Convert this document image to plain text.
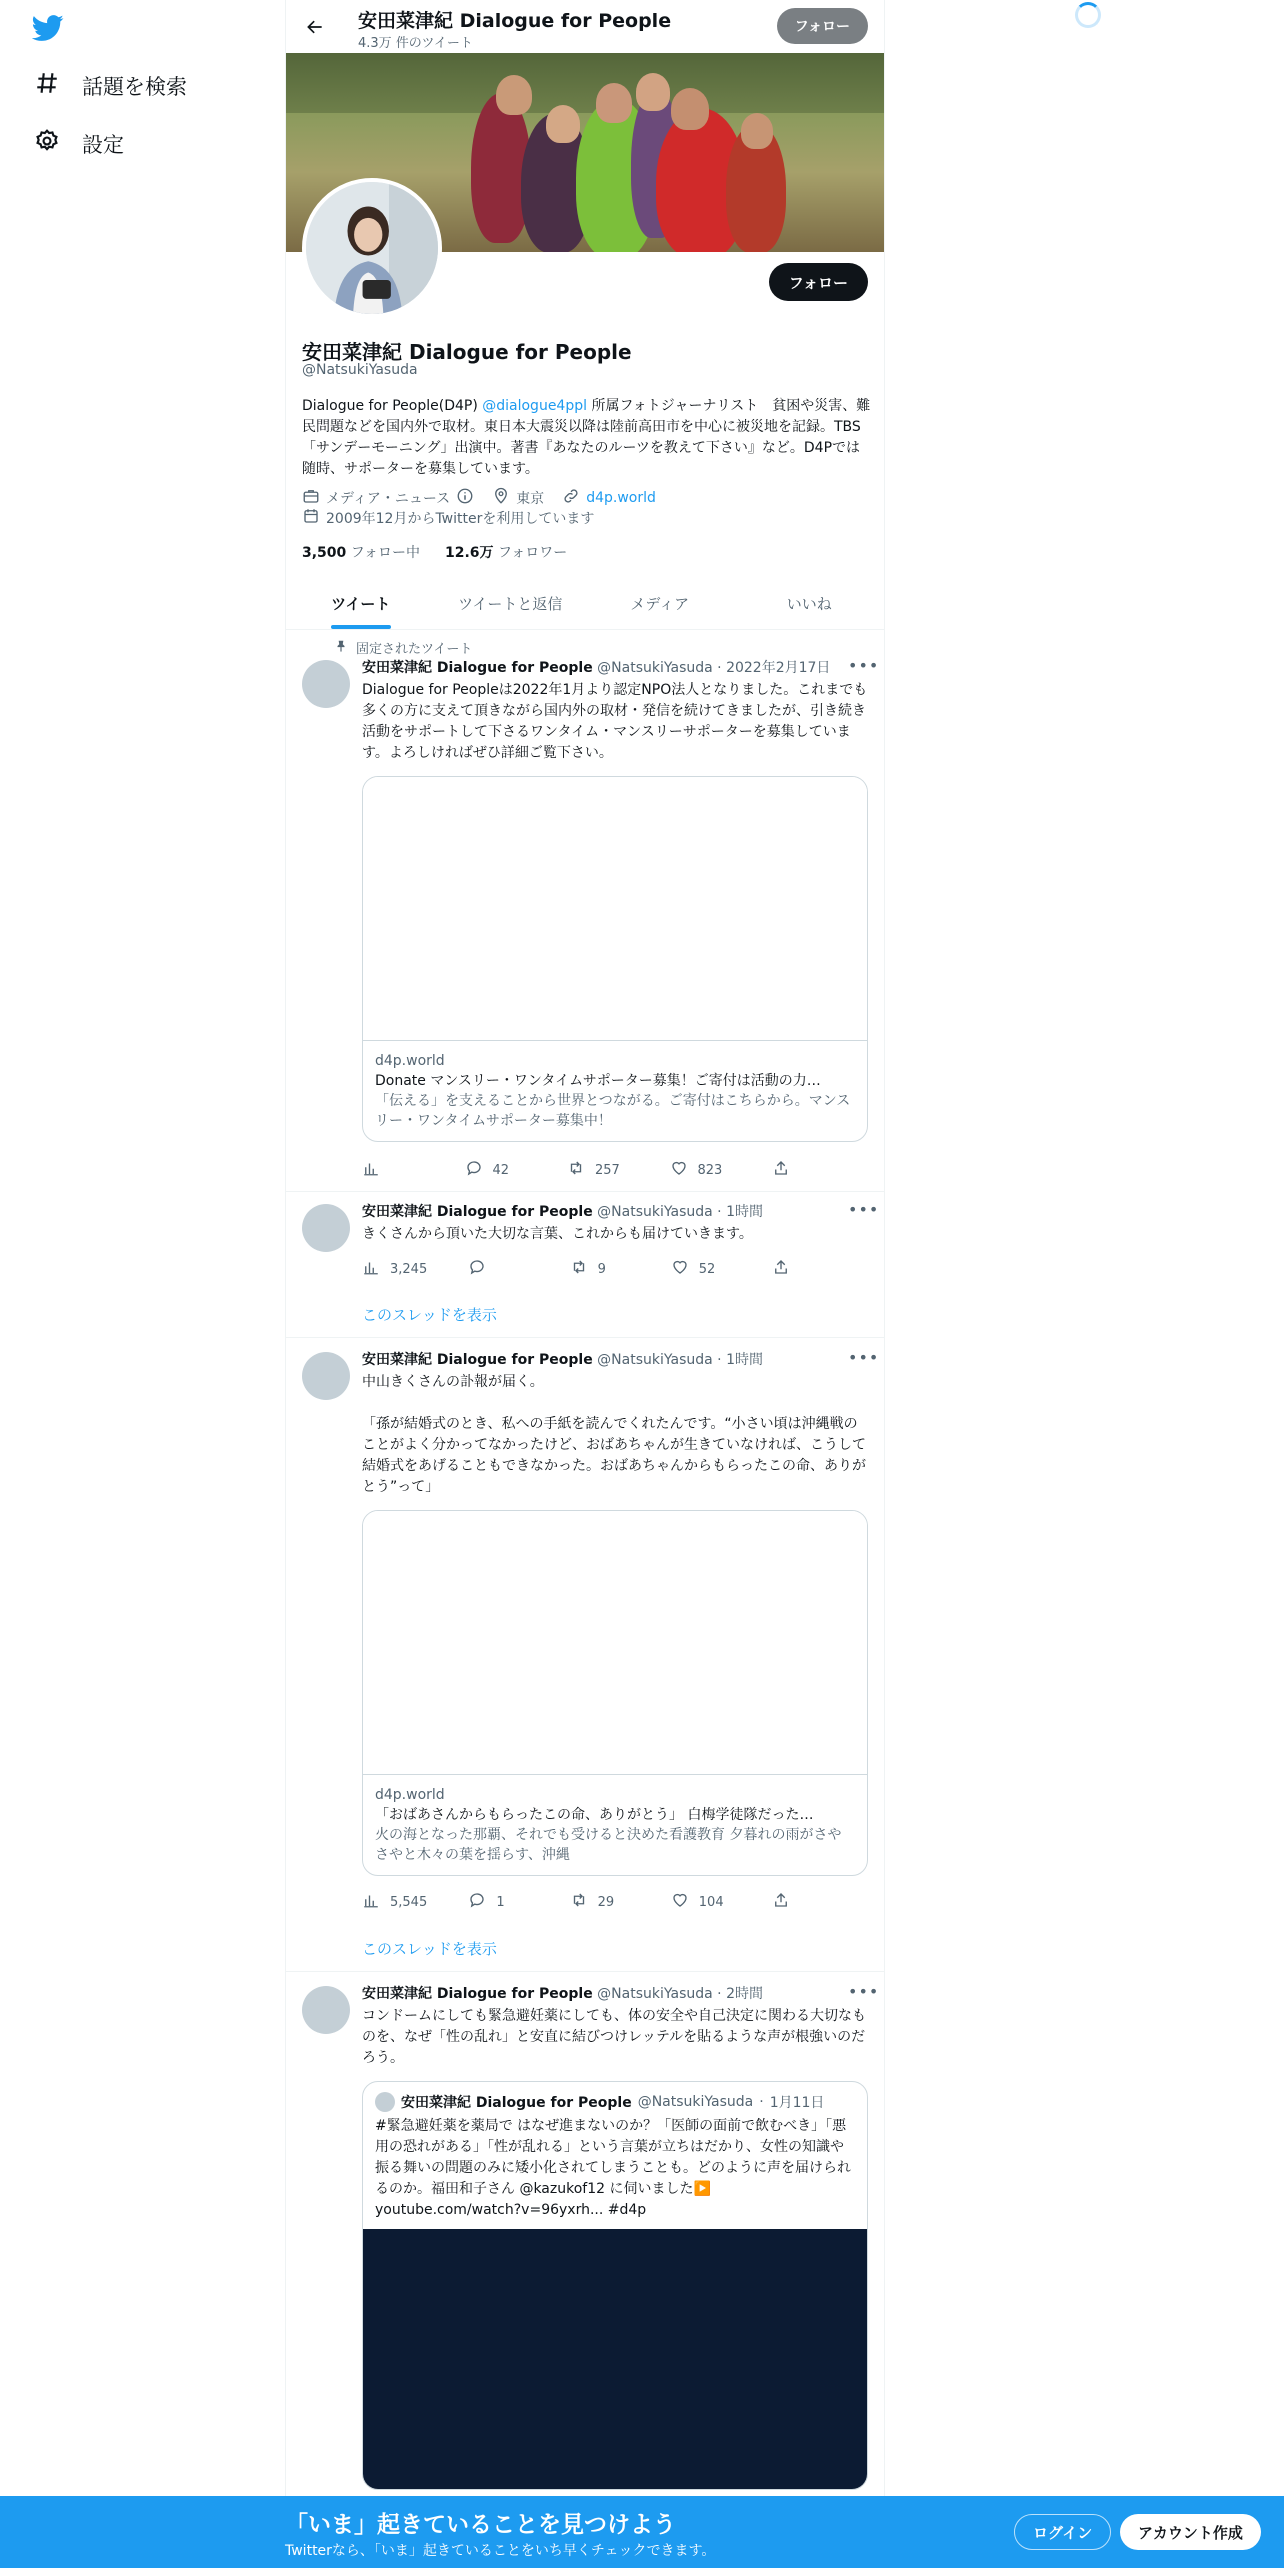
話題を検索
設定
安田菜津紀 Dialogue for People
4.3万 件のツイート
フォロー
フォロー
安田菜津紀 Dialogue for People
@NatsukiYasuda
Dialogue for People(D4P) @dialogue4ppl 所属フォトジャーナリスト　貧困や災害、難民問題などを国内外で取材。東日本大震災以降は陸前高田市を中心に被災地を記録。TBS「サンデーモーニング」出演中。著書『あなたのルーツを教えて下さい』など。D4Pでは随時、サポーターを募集しています。
メディア・ニュース	東京	d4p.world
2009年12月からTwitterを利用しています
3,500 フォロー中 12.6万 フォロワー
ツイート	ツイートと返信	メディア	いいね
固定されたツイート
•••
安田菜津紀 Dialogue for People @NatsukiYasuda · 2022年2月17日
Dialogue for Peopleは2022年1月より認定NPO法人となりました。これまでも多くの方に支えて頂きながら国内外の取材・発信を続けてきましたが、引き続き活動をサポートして下さるワンタイム・マンスリーサポーターを募集しています。よろしければぜひ詳細ご覧下さい。
d4p.world
Donate マンスリー・ワンタイムサポーター募集！ご寄付は活動の力…
「伝える」を支えることから世界とつながる。ご寄付はこちらから。マンスリー・ワンタイムサポーター募集中！
42	257	823
•••
安田菜津紀 Dialogue for People @NatsukiYasuda · 1時間
きくさんから頂いた大切な言葉、これからも届けていきます。
3,245	9	52
このスレッドを表示
•••
安田菜津紀 Dialogue for People @NatsukiYasuda · 1時間
中山きくさんの訃報が届く。

「孫が結婚式のとき、私への手紙を読んでくれたんです。“小さい頃は沖縄戦のことがよく分かってなかったけど、おばあちゃんが生きていなければ、こうして結婚式をあげることもできなかった。おばあちゃんからもらったこの命、ありがとう”って」
d4p.world
「おばあさんからもらったこの命、ありがとう」 白梅学徒隊だった…
火の海となった那覇、それでも受けると決めた看護教育 夕暮れの雨がさやさやと木々の葉を揺らす、沖縄
5,545	1	29	104
このスレッドを表示
•••
安田菜津紀 Dialogue for People @NatsukiYasuda · 2時間
コンドームにしても緊急避妊薬にしても、体の安全や自己決定に関わる大切なものを、なぜ「性の乱れ」と安直に結びつけレッテルを貼るような声が根強いのだろう。
安田菜津紀 Dialogue for People @NatsukiYasuda · 1月11日
#緊急避妊薬を薬局で はなぜ進まないのか？「医師の面前で飲むべき」「悪用の恐れがある」「性が乱れる」という言葉が立ちはだかり、女性の知識や振る舞いの問題のみに矮小化されてしまうことも。どのように声を届けられるのか。福田和子さん @kazukof12 に伺いました▶️ youtube.com/watch?v=96yxrh... #d4p
「いま」起きていることを見つけよう
Twitterなら、「いま」起きていることをいち早くチェックできます。
ログイン	アカウント作成
